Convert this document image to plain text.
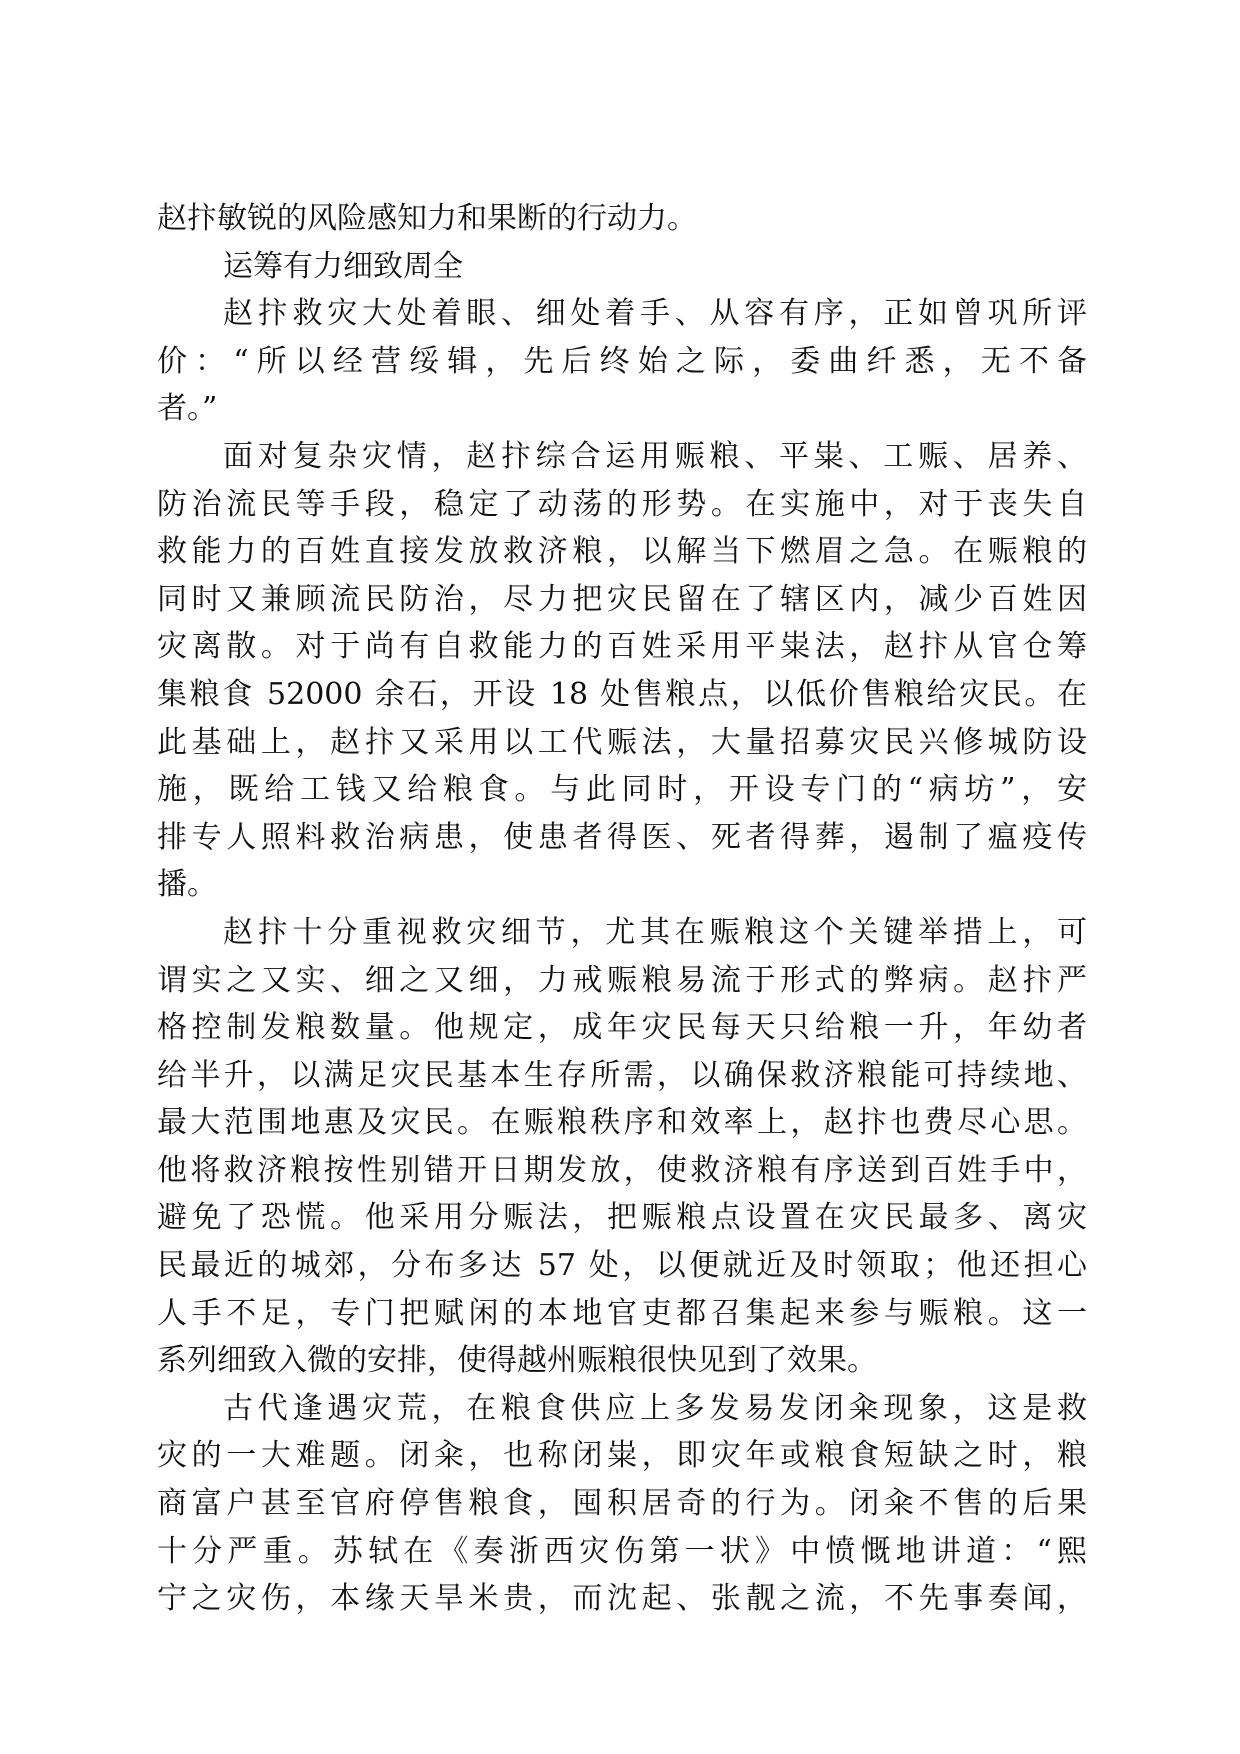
赵抃敏锐的风险感知力和果断的行动力。
运筹有力细致周全
赵抃救灾大处着眼、细处着手、从容有序，正如曾巩所评
价：“所以经营绥辑，先后终始之际，委曲纤悉，无不备
者。”
面对复杂灾情，赵抃综合运用赈粮、平粜、工赈、居养、
防治流民等手段，稳定了动荡的形势。在实施中，对于丧失自
救能力的百姓直接发放救济粮，以解当下燃眉之急。在赈粮的
同时又兼顾流民防治，尽力把灾民留在了辖区内，减少百姓因
灾离散。对于尚有自救能力的百姓采用平粜法，赵抃从官仓筹
集粮食 52000 余石，开设 18 处售粮点，以低价售粮给灾民。在
此基础上，赵抃又采用以工代赈法，大量招募灾民兴修城防设
施，既给工钱又给粮食。与此同时，开设专门的“病坊”，安
排专人照料救治病患，使患者得医、死者得葬，遏制了瘟疫传
播。
赵抃十分重视救灾细节，尤其在赈粮这个关键举措上，可
谓实之又实、细之又细，力戒赈粮易流于形式的弊病。赵抃严
格控制发粮数量。他规定，成年灾民每天只给粮一升，年幼者
给半升，以满足灾民基本生存所需，以确保救济粮能可持续地、
最大范围地惠及灾民。在赈粮秩序和效率上，赵抃也费尽心思。
他将救济粮按性别错开日期发放，使救济粮有序送到百姓手中，
避免了恐慌。他采用分赈法，把赈粮点设置在灾民最多、离灾
民最近的城郊，分布多达 57 处，以便就近及时领取；他还担心
人手不足，专门把赋闲的本地官吏都召集起来参与赈粮。这一
系列细致入微的安排，使得越州赈粮很快见到了效果。
古代逢遇灾荒，在粮食供应上多发易发闭籴现象，这是救
灾的一大难题。闭籴，也称闭粜，即灾年或粮食短缺之时，粮
商富户甚至官府停售粮食，囤积居奇的行为。闭籴不售的后果
十分严重。苏轼在《奏浙西灾伤第一状》中愤慨地讲道：“熙
宁之灾伤，本缘天旱米贵，而沈起、张靓之流，不先事奏闻，
